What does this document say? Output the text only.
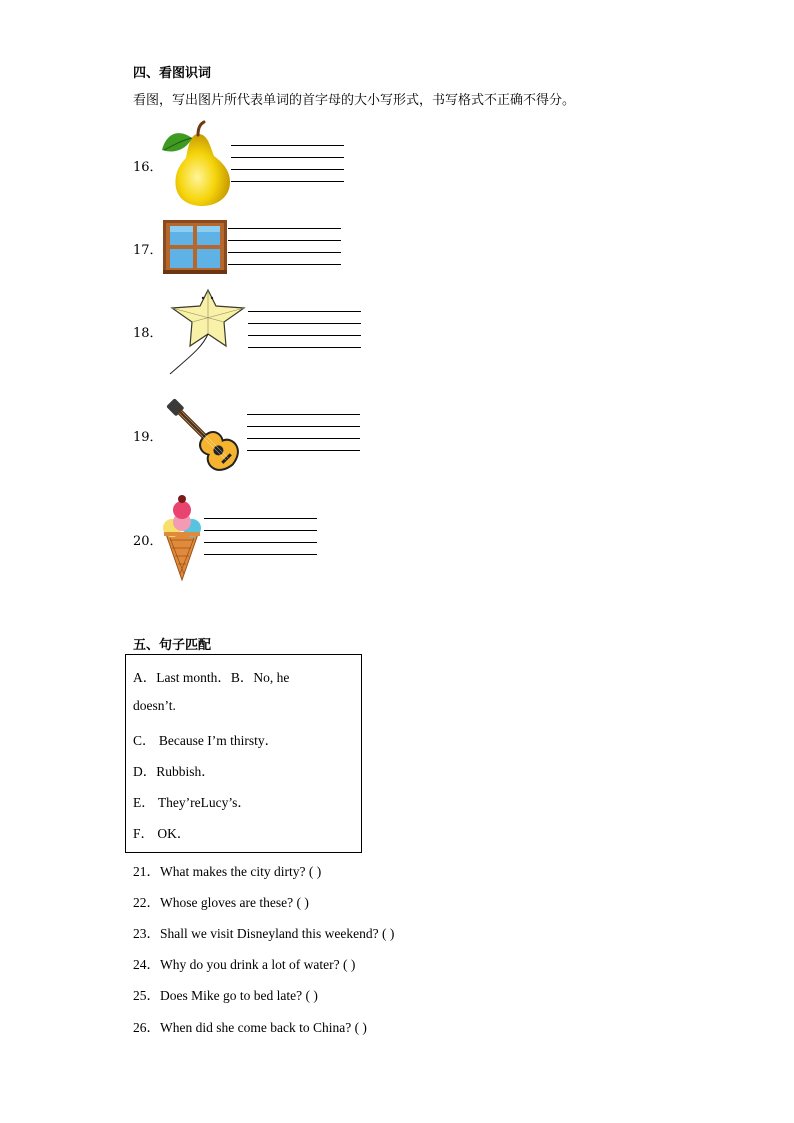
四、看图识词
看图，写出图片所代表单词的首字母的大小写形式，书写格式不正确不得分。
16．
17．
18．
19．
20．
五、句子匹配
A．Last month．B．No, he
doesn’t.
C． Because I’m thirsty．
D．Rubbish．
E． They’reLucy’s．
F． OK．
21．What makes the city dirty? ( )
22．Whose gloves are these? ( )
23．Shall we visit Disneyland this weekend? ( )
24．Why do you drink a lot of water? ( )
25．Does Mike go to bed late? ( )
26．When did she come back to China? ( )
